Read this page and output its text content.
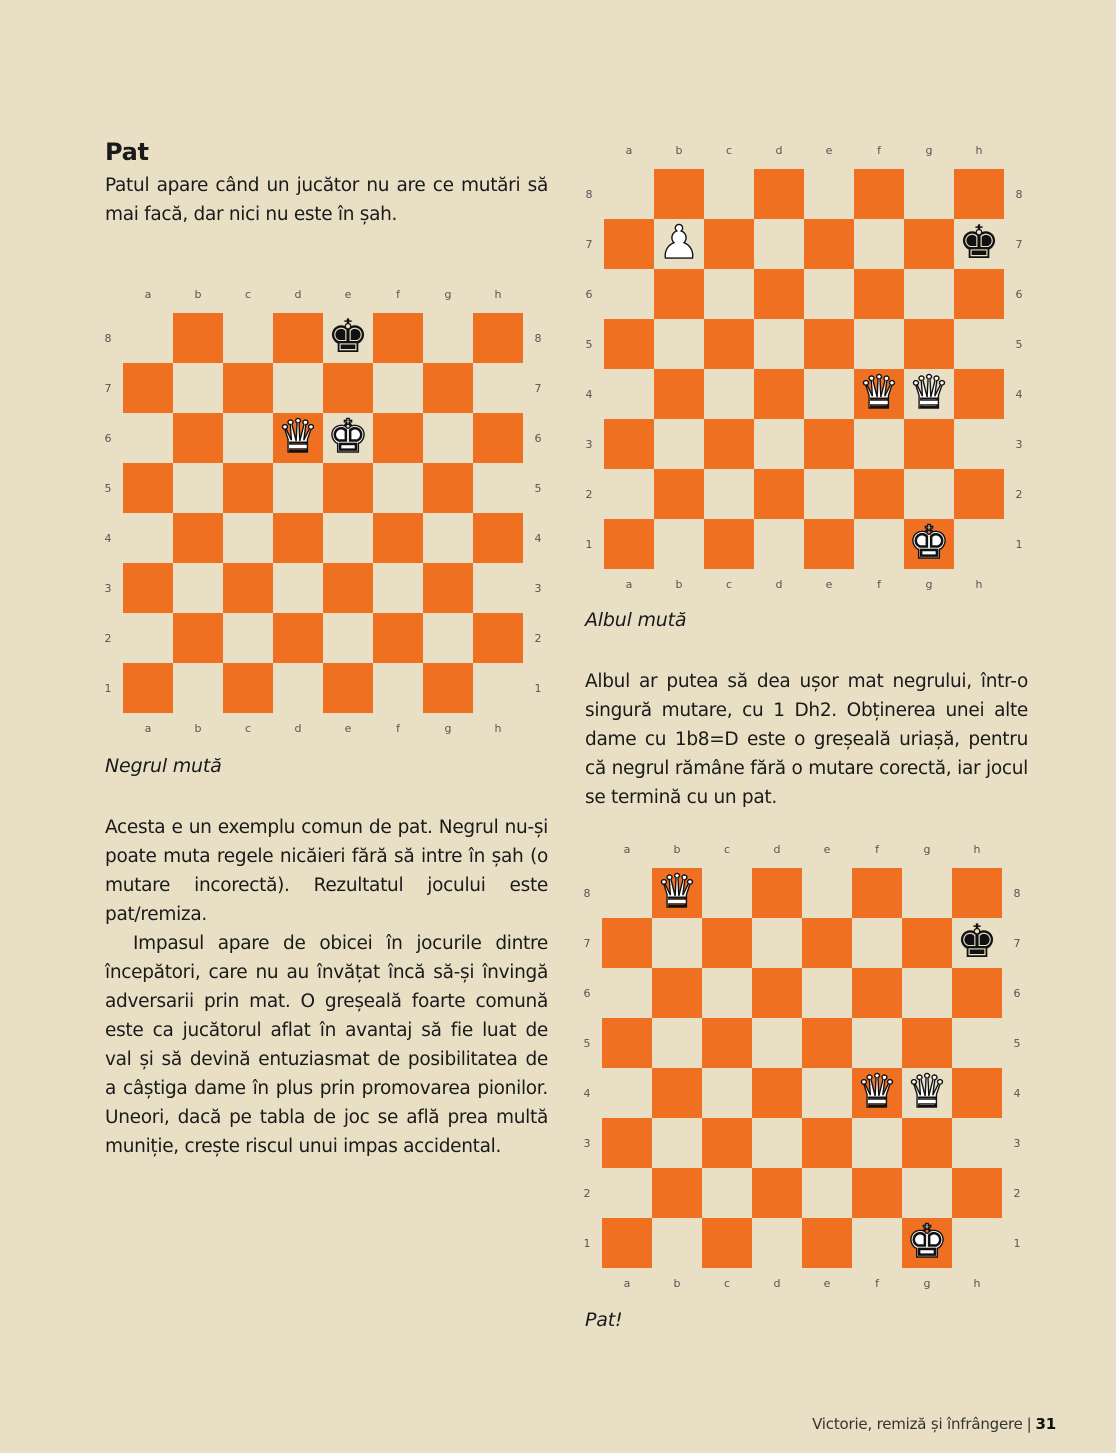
Pat

Patul apare când un jucător nu are ce mutări să mai facă, dar nici nu este în șah.

a
a
b
b
c
c
d
d
e
e
f
f
g
g
h
h
8	8
7	7
6	6
5	5
4	4
3	3
2	2
1	1
♚
♛ ♚
Negrul mută

Acesta e un exemplu comun de pat. Negrul nu-și poate muta regele nicăieri fără să intre în șah (o mutare incorectă). Rezultatul jocului este pat/remiza.

Impasul apare de obicei în jocurile dintre începători, care nu au învățat încă să-și învingă adversarii prin mat. O greșeală foarte comună este ca jucătorul aflat în avantaj să fie luat de val și să devină entuziasmat de posibilitatea de a câștiga dame în plus prin promovarea pionilor. Uneori, dacă pe tabla de joc se află prea multă muniție, crește riscul unui impas accidental.

a
a
b
b
c
c
d
d
e
e
f
f
g
g
h
h
8	8
7	7
6	6
5	5
4	4
3	3
2	2
1	1
♟	♚
♛ ♛
♚
Albul mută

Albul ar putea să dea ușor mat negrului, într-o singură mutare, cu 1 Dh2. Obținerea unei alte dame cu 1b8=D este o greșeală uriașă, pentru că negrul rămâne fără o mutare corectă, iar jocul se termină cu un pat.

a
a
b
b
c
c
d
d
e
e
f
f
g
g
h
h
8	8
7	7
6	6
5	5
4	4
3	3
2	2
1	1
♛
♚
♛ ♛
♚
Pat!
Victorie, remiză și înfrângere | 31
